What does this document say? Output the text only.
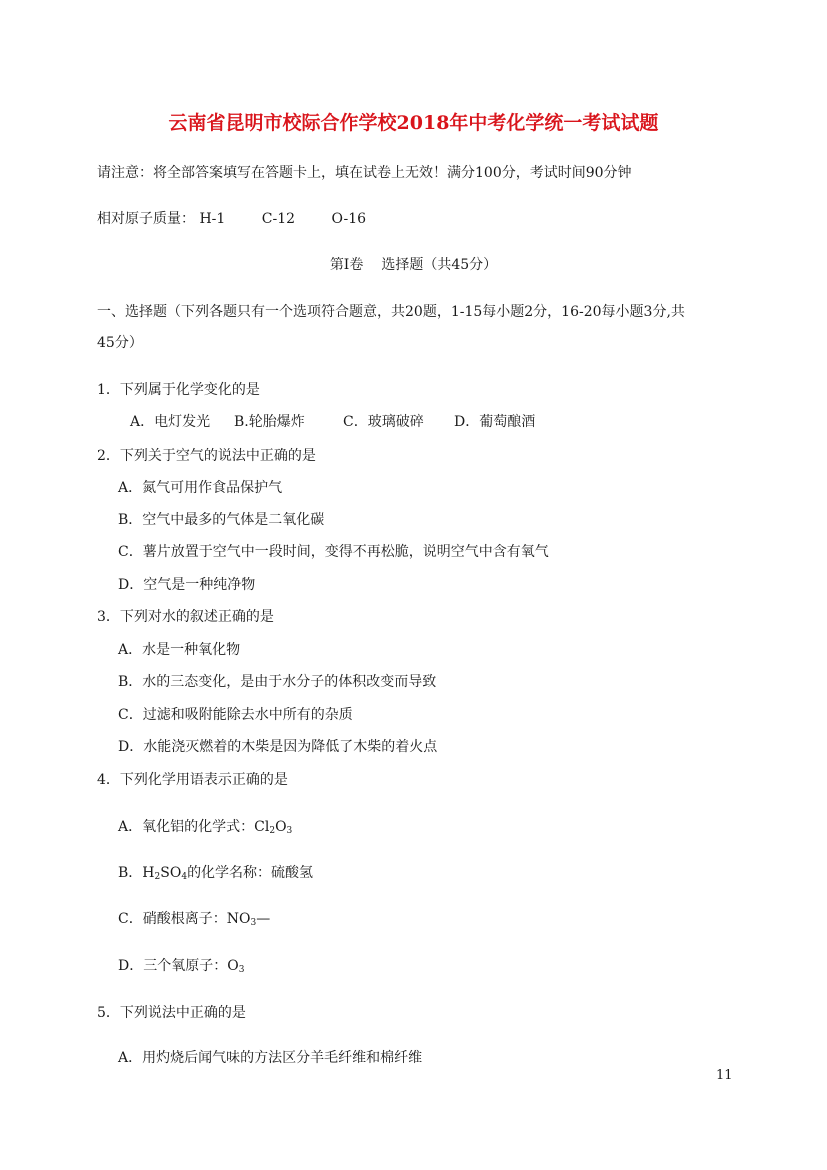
云南省昆明市校际合作学校2018年中考化学统一考试试题
请注意：将全部答案填写在答题卡上，填在试卷上无效！满分100分，考试时间90分钟
相对原子质量： H-1	C-12	O-16
第Ⅰ卷 选择题（共45分）
一、选择题（下列各题只有一个选项符合题意，共20题，1-15每小题2分，16-20每小题3分,共
45分）
1．下列属于化学变化的是
A．电灯发光 B.轮胎爆炸	C．玻璃破碎 D．葡萄酿酒
2．下列关于空气的说法中正确的是
A．氮气可用作食品保护气
B．空气中最多的气体是二氧化碳
C．薯片放置于空气中一段时间，变得不再松脆，说明空气中含有氧气
D．空气是一种纯净物
3．下列对水的叙述正确的是
A．水是一种氧化物
B．水的三态变化，是由于水分子的体积改变而导致
C．过滤和吸附能除去水中所有的杂质
D．水能浇灭燃着的木柴是因为降低了木柴的着火点
4．下列化学用语表示正确的是
A．氧化铝的化学式：$Cl_2O_3$
B．$H_2SO_4$的化学名称：硫酸氢
C．硝酸根离子：$NO_3—$
D．三个氧原子：$O_3$
5．下列说法中正确的是
A．用灼烧后闻气味的方法区分羊毛纤维和棉纤维
11
